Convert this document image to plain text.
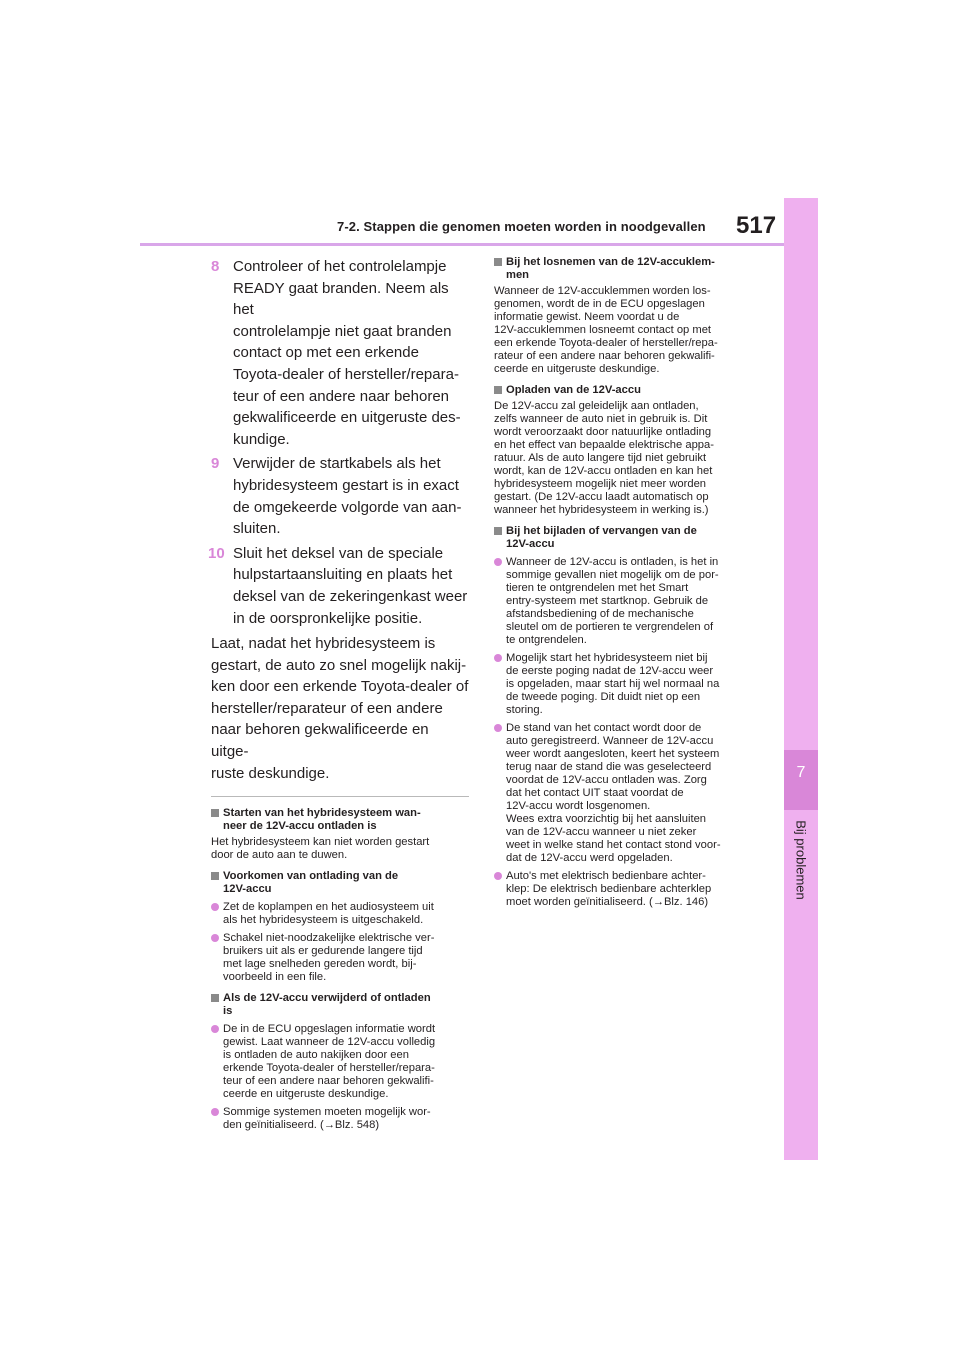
7-2. Stappen die genomen moeten worden in noodgevallen 517
7
Bij problemen
8 Controleer of het controlelampje
READY gaat branden. Neem als het
controlelampje niet gaat branden
contact op met een erkende
Toyota-dealer of hersteller/repara-
teur of een andere naar behoren
gekwalificeerde en uitgeruste des-
kundige.
9 Verwijder de startkabels als het
hybridesysteem gestart is in exact
de omgekeerde volgorde van aan-
sluiten.
10 Sluit het deksel van de speciale
hulpstartaansluiting en plaats het
deksel van de zekeringenkast weer
in de oorspronkelijke positie.
Laat, nadat het hybridesysteem is
gestart, de auto zo snel mogelijk nakij-
ken door een erkende Toyota-dealer of
hersteller/reparateur of een andere
naar behoren gekwalificeerde en uitge-
ruste deskundige.
Starten van het hybridesysteem wan-
neer de 12V-accu ontladen is
Het hybridesysteem kan niet worden gestart
door de auto aan te duwen.
Voorkomen van ontlading van de
12V-accu
Zet de koplampen en het audiosysteem uit
als het hybridesysteem is uitgeschakeld.
Schakel niet-noodzakelijke elektrische ver-
bruikers uit als er gedurende langere tijd
met lage snelheden gereden wordt, bij-
voorbeeld in een file.
Als de 12V-accu verwijderd of ontladen
is
De in de ECU opgeslagen informatie wordt
gewist. Laat wanneer de 12V-accu volledig
is ontladen de auto nakijken door een
erkende Toyota-dealer of hersteller/repara-
teur of een andere naar behoren gekwalifi-
ceerde en uitgeruste deskundige.
Sommige systemen moeten mogelijk wor-
den geïnitialiseerd. (→Blz. 548)
Bij het losnemen van de 12V-accuklem-
men
Wanneer de 12V-accuklemmen worden los-
genomen, wordt de in de ECU opgeslagen
informatie gewist. Neem voordat u de
12V-accuklemmen losneemt contact op met
een erkende Toyota-dealer of hersteller/repa-
rateur of een andere naar behoren gekwalifi-
ceerde en uitgeruste deskundige.
Opladen van de 12V-accu
De 12V-accu zal geleidelijk aan ontladen,
zelfs wanneer de auto niet in gebruik is. Dit
wordt veroorzaakt door natuurlijke ontlading
en het effect van bepaalde elektrische appa-
ratuur. Als de auto langere tijd niet gebruikt
wordt, kan de 12V-accu ontladen en kan het
hybridesysteem mogelijk niet meer worden
gestart. (De 12V-accu laadt automatisch op
wanneer het hybridesysteem in werking is.)
Bij het bijladen of vervangen van de
12V-accu
Wanneer de 12V-accu is ontladen, is het in
sommige gevallen niet mogelijk om de por-
tieren te ontgrendelen met het Smart
entry-systeem met startknop. Gebruik de
afstandsbediening of de mechanische
sleutel om de portieren te vergrendelen of
te ontgrendelen.
Mogelijk start het hybridesysteem niet bij
de eerste poging nadat de 12V-accu weer
is opgeladen, maar start hij wel normaal na
de tweede poging. Dit duidt niet op een
storing.
De stand van het contact wordt door de
auto geregistreerd. Wanneer de 12V-accu
weer wordt aangesloten, keert het systeem
terug naar de stand die was geselecteerd
voordat de 12V-accu ontladen was. Zorg
dat het contact UIT staat voordat de
12V-accu wordt losgenomen.
Wees extra voorzichtig bij het aansluiten
van de 12V-accu wanneer u niet zeker
weet in welke stand het contact stond voor-
dat de 12V-accu werd opgeladen.
Auto's met elektrisch bedienbare achter-
klep: De elektrisch bedienbare achterklep
moet worden geïnitialiseerd. (→Blz. 146)
